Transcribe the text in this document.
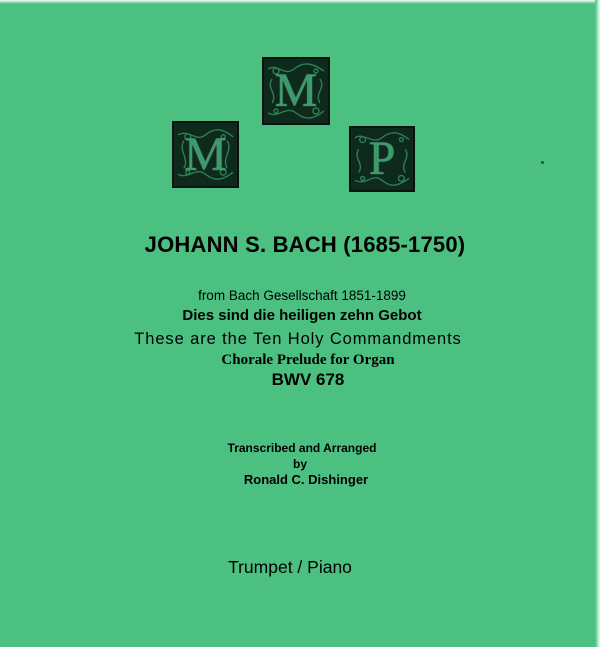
M
M	P
JOHANN S. BACH (1685-1750)
from Bach Gesellschaft 1851-1899
Dies sind die heiligen zehn Gebot
These are the Ten Holy Commandments
Chorale Prelude for Organ
BWV 678
Transcribed and Arranged
by
Ronald C. Dishinger
Trumpet / Piano
